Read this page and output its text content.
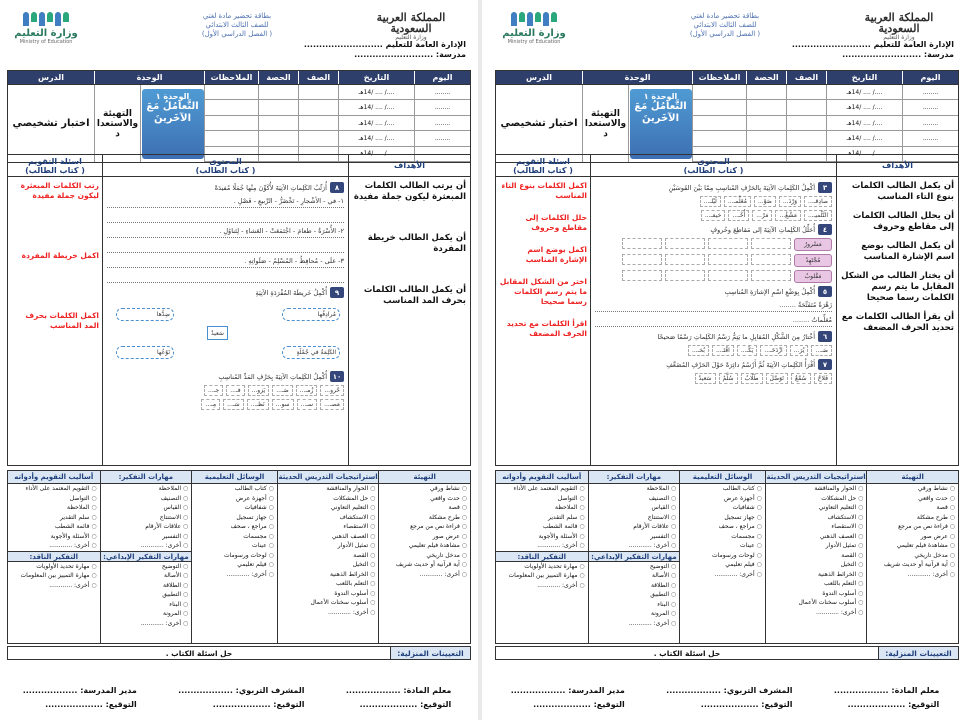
المملكة العربية السعودية
وزارة التعليم
بطاقة تحضير مادة لغتي
للصف الثالث الابتدائي
( الفصل الدراسي الأول)
وزارة التعليم
Ministry of Education	الإدارة العامة للتعليم ..........................
مدرسة: ..........................
اليوم
التاريخ
الصف
الحصة
الملاحظات
الوحدة
الدرس
........
........
........
........
........
..../ .... /14هـ
..../ .... /14هـ
..../ .... /14هـ
..../ .... /14هـ
..../ .... /14هـ
الوحدة ١
التَّعامُلُ مَعَ
الآخَرينَ
التهيئة
والاستعدا
د
اختبار تشخيصي
الأهداف
المحتوى
( كتاب الطالب)
اسئلة التقويم
( كتاب الطالب)
أن يكمل الطالب الكلمات بنوع التاء المناسب
أن يحلل الطالب الكلمات إلى مقاطع وحروف
أن يكمل الطالب بوضع اسم الإشارة المناسب
أن يختار الطالب من الشكل المقابل ما يتم رسم الكلمات رسما صحيحا
أن يقرأ الطالب الكلمات مع تحديد الحرف المضعف
٣
أكْمِلُ الكَلِماتِ الآتِيَةَ بِالحَرْفِ المُناسِبِ مِمّا بَيْنَ القَوسَيْنِ
صادِقـ...
وَرْدَ...
صَوْ...
مُعَلِّمـ...
لَيْلـ...
التَّلْميـ...
مَشْغُ...
مَرْ...
أُخْـ...
خيمَـ...
٤
أُحَلِّلُ الكَلِماتِ الآتِيَةَ إلى مَقاطِعَ وحُروفٍ
مَسْرورٌ
مُجْتَهِدٌ
مَقْلوبٌ
٥
أُكْمِلُ بِوَضْعِ اسْمِ الإشارَةِ المُناسِبِ
زَهْرَةٌ مُتَفَتِّحَةٌ ........
مُعَلِّماتٌ ........
٦
أَخْتارُ مِنَ الشَّكْلِ المُقابِلِ ما يَتِمُّ رَسْمُ الكَلِماتِ رَسْمًا صَحيحًا
صَـ...
يُرَ...
ازْدَحَـ...
يَكْـ...
اقْتَـ...
بُخـ...
٧
أَقْرَأُ الكَلِماتِ الآتِيَةَ ثُمَّ أَرْسُمُ دائِرَةً حَوْلَ الحَرْفِ المُضَعَّفِ
فَلاحٌ
سُمَّعٌ
تَوَصَّلَ
طَلّابٌ
سُلَّمٌ
سَعيدٌ
اكمل الكلمات بنوع التاء المناسب
حلل الكلمات إلى مقاطع وحروف
اكمل بوضع اسم الإشارة المناسب
اختر من الشكل المقابل ما يتم رسم الكلمات رسما صحيحا
اقرأ الكلمات مع تحديد الحرف المضعف
التهيئة
○ نشاط ورقي
○ حدث واقعي
○ قصة
○ طرح مشكلة
○ قراءة نص من مرجع
○ عرض صور
○ مشاهدة فيلم تعليمي
○ مدخل تاريخي
○ آية قرآنية أو حديث شريف
○ أخرى: ............
استراتيجيات التدريس الحديثة
○ الحوار والمناقشة
○ حل المشكلات
○ التعليم التعاوني
○ الاستكشاف
○ الاستقصاء
○ العصف الذهني
○ تمثيل الأدوار
○ القصة
○ التخيل
○ الخرائط الذهنية
○ التعلم باللعب
○ أسلوب الندوة
○ أسلوب سخنات الأعمال
○ أخرى: ............
الوسائل التعليمية
○ كتاب الطالب
○ أجهزة عرض
○ شفافيات
○ جهاز تسجيل
○ مراجع ، صحف
○ مجسمات
○ عينات
○ لوحات ورسومات
○ فيلم تعليمي
○ أخرى: ............
مهارات التفكير:
○ الملاحظة
○ التصنيف
○ القياس
○ الاستنتاج
○ علاقات الأرقام
○ التفسير
○ أخرى: ............
مهارات التفكير الإبداعي:
○ التوضيح
○ الأصالة
○ الطلاقة
○ التطبيق
○ البناء
○ المرونة
○ أخرى: ............
أساليب التقويم وأدواته
○ التقويم المعتمد على الأداء
○ التواصل
○ الملاحظة
○ سلم التقدير
○ قائمة الشطب
○ الأسئلة والأجوبة
○ أخرى: ............
التفكير الناقد:
○ مهارة تحديد الأولويات
○ مهارة التمييز بين المعلومات
○ أخرى: ............
التعيينات المنزلية:
حل اسئلة الكتاب .
معلم المادة: ..................
التوقيع: ...................
المشرف التربوي: ..................
التوقيع: ...................
مدير المدرسة: ..................
التوقيع: ...................
المملكة العربية السعودية
وزارة التعليم
بطاقة تحضير مادة لغتي
للصف الثالث الابتدائي
( الفصل الدراسي الأول)
وزارة التعليم
Ministry of Education	الإدارة العامة للتعليم ..........................
مدرسة: ..........................
اليوم
التاريخ
الصف
الحصة
الملاحظات
الوحدة
الدرس
........
........
........
........
........
..../ .... /14هـ
..../ .... /14هـ
..../ .... /14هـ
..../ .... /14هـ
..../ .... /14هـ
الوحدة ١
التَّعامُلُ مَعَ
الآخَرينَ
التهيئة
والاستعدا
د
اختبار تشخيصي
الأهداف
المحتوى
( كتاب الطالب)
اسئلة التقويم
( كتاب الطالب)
أن يرتب الطالب الكلمات المبعثرة ليكون جملة مفيدة
أن يكمل الطالب خريطة المفردة
أن يكمل الطالب الكلمات بحرف المد المناسب
٨
أُرَتِّبُ الكَلِماتِ الآتِيَةَ لأُكَوِّنَ مِنْها جُمَلًا مُفيدَةً
١- في - الأشْجارِ - تَخْضَرُّ - الرَّبيعِ - فَصْلِ .
٢- الأُسْرَةُ - طعامَ - اجْتَمَعَتْ - العَشاءِ - لِتَناوُلِ .
٣- علَى - مُحافِظٌ - المُسْلِمُ - صَلَواتِهِ .
٩
أُكْمِلُ خَريطَةَ المُفْرَدَةِ الآتِيَةِ
سَعيدٌ
مُرادِفُها
ضِدُّها
الكَلِمَةُ في جُمْلَةٍ
نَوْعُها
١٠
أُكْمِلُ الكَلِماتِ الآتِيَةَ بِحَرْفِ المَدِّ المُناسِبِ
حُرو...
زُمـ...
صَـ...
يَزو...
فـ...
جـ...
مَصـ...
سـ...
سو...
نَظـ...
سَـ...
مِـ...
رتب الكلمات المبعثرة ليكون جملة مفيدة
اكمل خريطة المفردة
اكمل الكلمات بحرف المد المناسب
التهيئة
○ نشاط ورقي
○ حدث واقعي
○ قصة
○ طرح مشكلة
○ قراءة نص من مرجع
○ عرض صور
○ مشاهدة فيلم تعليمي
○ مدخل تاريخي
○ آية قرآنية أو حديث شريف
○ أخرى: ............
استراتيجيات التدريس الحديثة
○ الحوار والمناقشة
○ حل المشكلات
○ التعليم التعاوني
○ الاستكشاف
○ الاستقصاء
○ العصف الذهني
○ تمثيل الأدوار
○ القصة
○ التخيل
○ الخرائط الذهنية
○ التعلم باللعب
○ أسلوب الندوة
○ أسلوب سخنات الأعمال
○ أخرى: ............
الوسائل التعليمية
○ كتاب الطالب
○ أجهزة عرض
○ شفافيات
○ جهاز تسجيل
○ مراجع ، صحف
○ مجسمات
○ عينات
○ لوحات ورسومات
○ فيلم تعليمي
○ أخرى: ............
مهارات التفكير:
○ الملاحظة
○ التصنيف
○ القياس
○ الاستنتاج
○ علاقات الأرقام
○ التفسير
○ أخرى: ............
مهارات التفكير الإبداعي:
○ التوضيح
○ الأصالة
○ الطلاقة
○ التطبيق
○ البناء
○ المرونة
○ أخرى: ............
أساليب التقويم وأدواته
○ التقويم المعتمد على الأداء
○ التواصل
○ الملاحظة
○ سلم التقدير
○ قائمة الشطب
○ الأسئلة والأجوبة
○ أخرى: ............
التفكير الناقد:
○ مهارة تحديد الأولويات
○ مهارة التمييز بين المعلومات
○ أخرى: ............
التعيينات المنزلية:
حل اسئلة الكتاب .
معلم المادة: ..................
التوقيع: ...................
المشرف التربوي: ..................
التوقيع: ...................
مدير المدرسة: ..................
التوقيع: ...................
